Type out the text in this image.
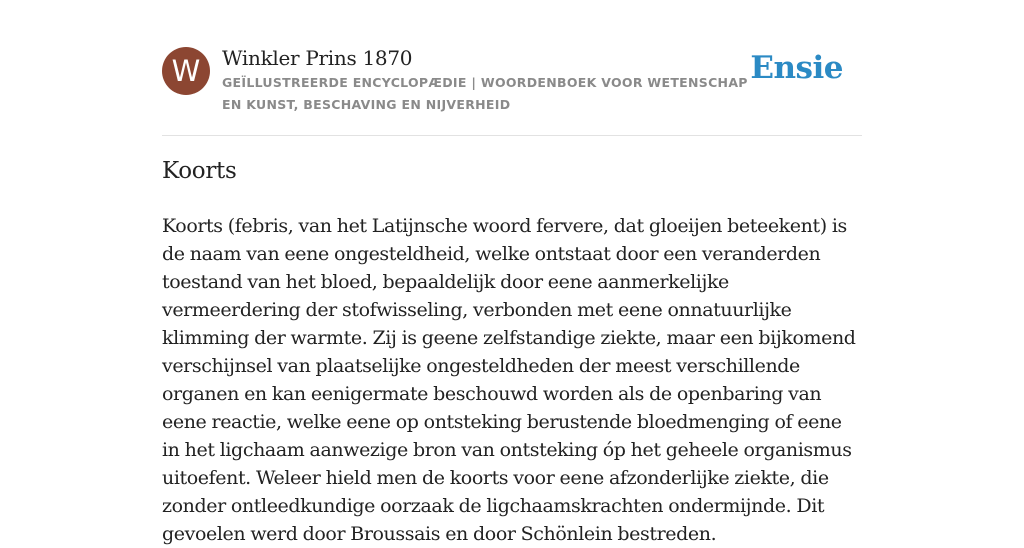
W	Winkler Prins 1870
GEÏLLUSTREERDE ENCYCLOPÆDIE | WOORDENBOEK VOOR WETENSCHAP EN KUNST, BESCHAVING EN NIJVERHEID
Ensie
Koorts

Koorts (febris, van het Latijnsche woord fervere, dat gloeijen beteekent) is de naam van eene ongesteldheid, welke ontstaat door een veranderden toestand van het bloed, bepaaldelijk door eene aanmerkelijke vermeerdering der stofwisseling, verbonden met eene onnatuurlijke klimming der warmte. Zij is geene zelfstandige ziekte, maar een bijkomend verschijnsel van plaatselijke ongesteldheden der meest verschillende organen en kan eenigermate beschouwd worden als de openbaring van eene reactie, welke eene op ontsteking berustende bloedmenging of eene in het ligchaam aanwezige bron van ontsteking óp het geheele organismus uitoefent. Weleer hield men de koorts voor eene afzonderlijke ziekte, die zonder ontleedkundige oorzaak de ligchaamskrachten ondermijnde. Dit gevoelen werd door Broussais en door Schönlein bestreden.
